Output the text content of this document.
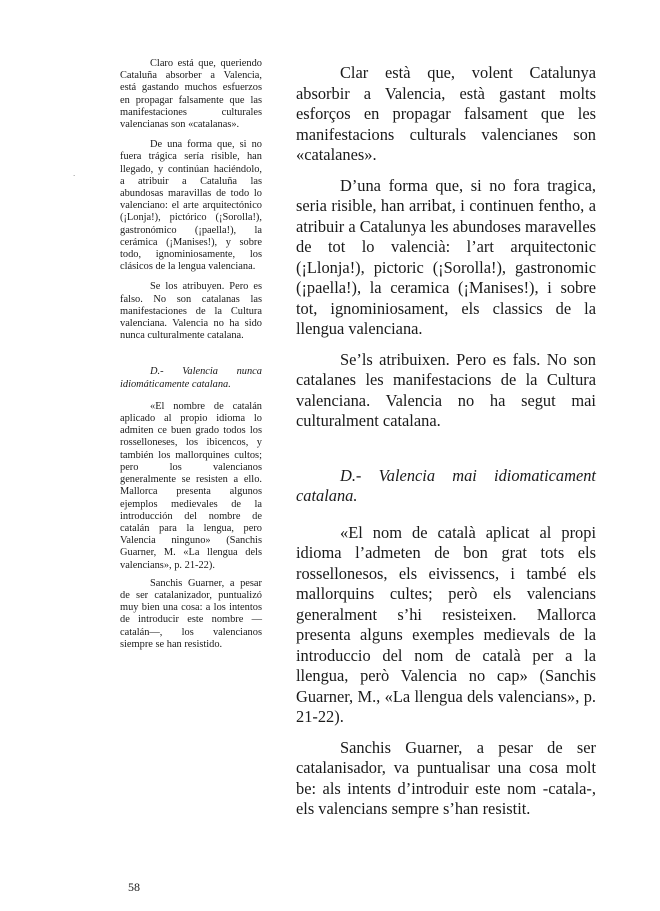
`

Claro está que, queriendo Cataluña absorber a Valencia, está gastando muchos esfuerzos en propagar falsamente que las manifestaciones culturales valencianas son «catalanas».

De una forma que, si no fuera trágica sería risible, han llegado, y continúan haciéndolo, a atribuir a Cataluña las abundosas maravillas de todo lo valenciano: el arte arquitectónico (¡Lonja!), pictórico (¡Sorolla!), gastronómico (¡paella!), la cerámica (¡Manises!), y sobre todo, ignominiosamente, los clásicos de la lengua valenciana.

Se los atribuyen. Pero es falso. No son catalanas las manifestaciones de la Cultura valenciana. Valencia no ha sido nunca culturalmente catalana.

D.- Valencia nunca idiomáticamente catalana.

«El nombre de catalán aplicado al propio idioma lo admiten ce buen grado todos los rosselloneses, los ibicencos, y también los mallorquines cultos; pero los valencianos generalmente se resisten a ello. Mallorca presenta algunos ejemplos medievales de la introducción del nombre de catalán para la lengua, pero Valencia ninguno» (Sanchis Guarner, M. «La llengua dels valencians», p. 21-22).

Sanchis Guarner, a pesar de ser catalanizador, puntualizó muy bien una cosa: a los intentos de introducir este nombre —catalán—, los valencianos siempre se han resistido.

Clar està que, volent Catalunya absorbir a Valencia, està gastant molts esforços en propagar falsament que les manifestacions culturals valencianes son «catalanes».

D’una forma que, si no fora tragica, seria risible, han arribat, i continuen fentho, a atribuir a Catalunya les abundoses maravelles de tot lo valencià: l’art arquitectonic (¡Llonja!), pictoric (¡Sorolla!), gastronomic (¡paella!), la ceramica (¡Manises!), i sobre tot, ignominiosament, els classics de la llengua valenciana.

Se’ls atribuixen. Pero es fals. No son catalanes les manifestacions de la Cultura valenciana. Valencia no ha segut mai culturalment catalana.

D.- Valencia mai idiomaticament catalana.

«El nom de català aplicat al propi idioma l’admeten de bon grat tots els rossellonesos, els eivissencs, i també els mallorquins cultes; però els valencians generalment s’hi resisteixen. Mallorca presenta alguns exemples medievals de la introduccio del nom de català per a la llengua, però Valencia no cap» (Sanchis Guarner, M., «La llengua dels valencians», p. 21-22).

Sanchis Guarner, a pesar de ser catalanisador, va puntualisar una cosa molt be: als intents d’introduir este nom -catala-, els valencians sempre s’han resistit.

58
